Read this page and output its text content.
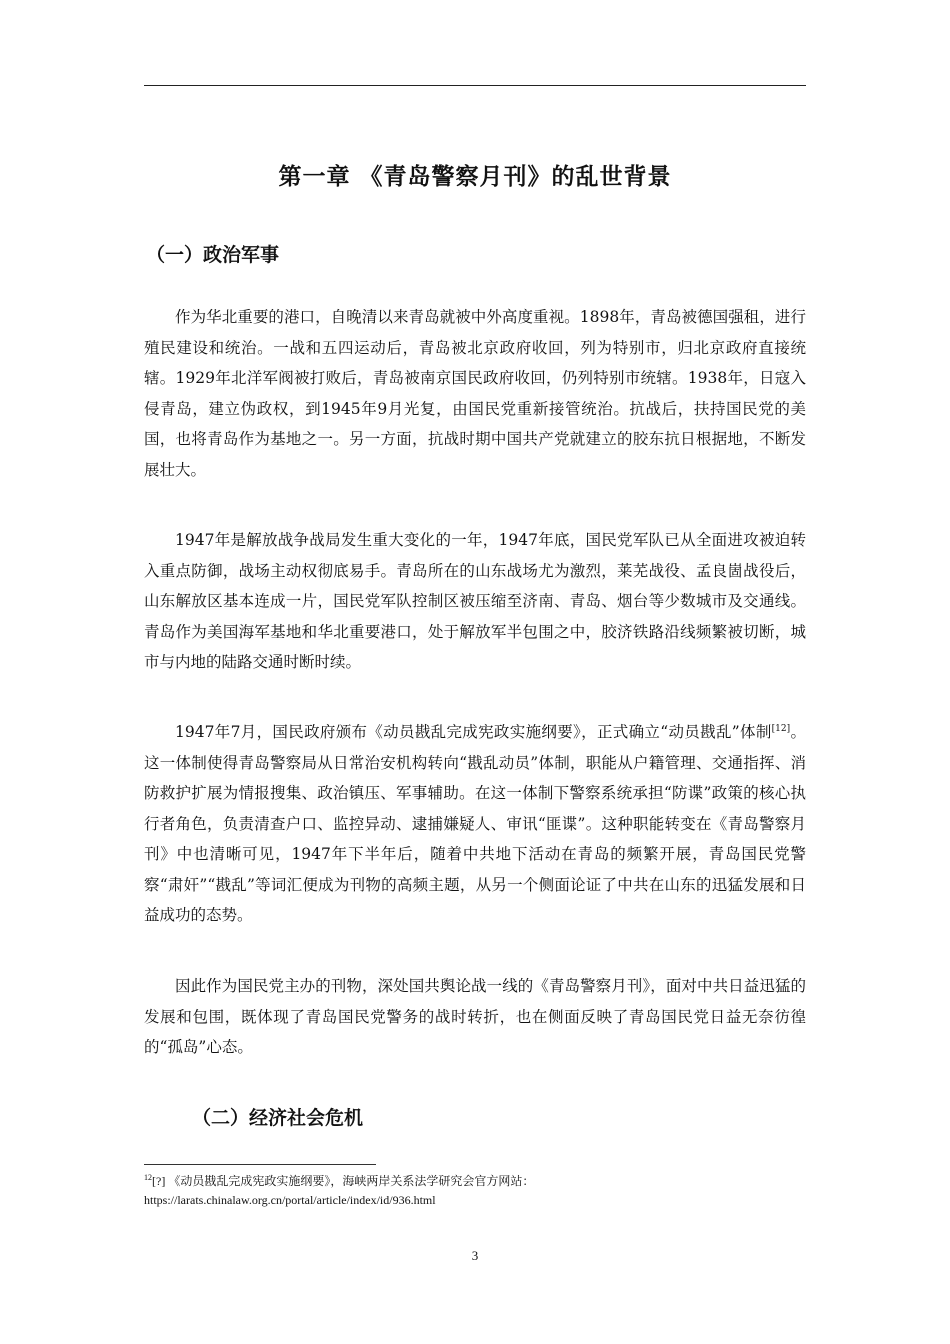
第一章 《青岛警察月刊》的乱世背景
（一）政治军事

作为华北重要的港口，自晚清以来青岛就被中外高度重视。1898年，青岛被德国强租，进行殖民建设和统治。一战和五四运动后，青岛被北京政府收回，列为特别市，归北京政府直接统辖。1929年北洋军阀被打败后，青岛被南京国民政府收回，仍列特别市统辖。1938年，日寇入侵青岛，建立伪政权，到1945年9月光复，由国民党重新接管统治。抗战后，扶持国民党的美国，也将青岛作为基地之一。另一方面，抗战时期中国共产党就建立的胶东抗日根据地，不断发展壮大。

1947年是解放战争战局发生重大变化的一年，1947年底，国民党军队已从全面进攻被迫转入重点防御，战场主动权彻底易手。青岛所在的山东战场尤为激烈，莱芜战役、孟良崮战役后，山东解放区基本连成一片，国民党军队控制区被压缩至济南、青岛、烟台等少数城市及交通线。青岛作为美国海军基地和华北重要港口，处于解放军半包围之中，胶济铁路沿线频繁被切断，城市与内地的陆路交通时断时续。

1947年7月，国民政府颁布《动员戡乱完成宪政实施纲要》，正式确立“动员戡乱”体制[12]。这一体制使得青岛警察局从日常治安机构转向“戡乱动员”体制，职能从户籍管理、交通指挥、消防救护扩展为情报搜集、政治镇压、军事辅助。在这一体制下警察系统承担“防谍”政策的核心执行者角色，负责清查户口、监控异动、逮捕嫌疑人、审讯“匪谍”。这种职能转变在《青岛警察月刊》中也清晰可见，1947年下半年后，随着中共地下活动在青岛的频繁开展，青岛国民党警察“肃奸”“戡乱”等词汇便成为刊物的高频主题，从另一个侧面论证了中共在山东的迅猛发展和日益成功的态势。

因此作为国民党主办的刊物，深处国共舆论战一线的《青岛警察月刊》，面对中共日益迅猛的发展和包围，既体现了青岛国民党警务的战时转折，也在侧面反映了青岛国民党日益无奈彷徨的“孤岛”心态。

（二）经济社会危机
$^{12}$[?] 《动员戡乱完成宪政实施纲要》，海峡两岸关系法学研究会官方网站：
https://larats.chinalaw.org.cn/portal/article/index/id/936.html
3
